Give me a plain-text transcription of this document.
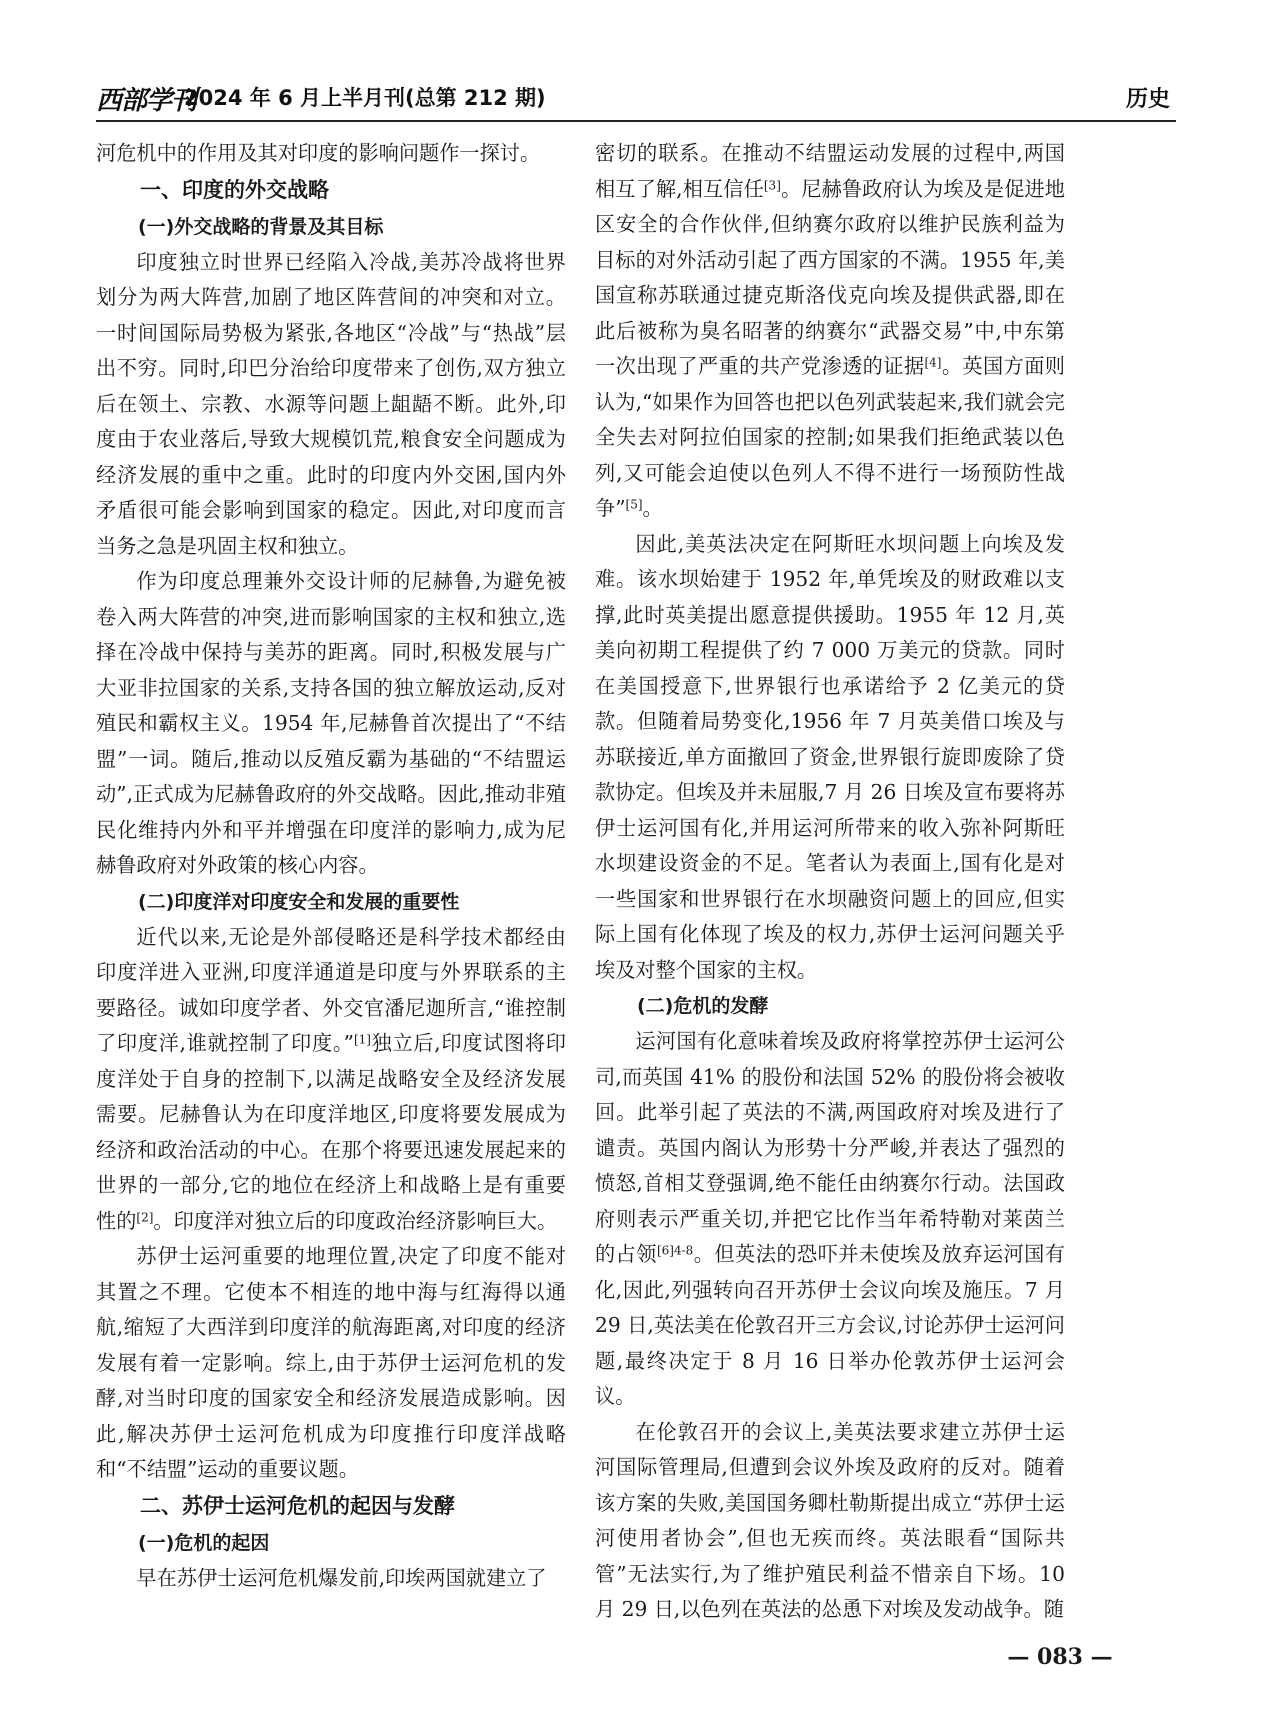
西部学刊
2024 年 6 月上半月刊(总第 212 期)	历史

河危机中的作用及其对印度的影响问题作一探讨。

一、印度的外交战略
(一)外交战略的背景及其目标

印度独立时世界已经陷入冷战,美苏冷战将世界划分为两大阵营,加剧了地区阵营间的冲突和对立。一时间国际局势极为紧张,各地区“冷战”与“热战”层出不穷。同时,印巴分治给印度带来了创伤,双方独立后在领土、宗教、水源等问题上龃龉不断。此外,印度由于农业落后,导致大规模饥荒,粮食安全问题成为经济发展的重中之重。此时的印度内外交困,国内外矛盾很可能会影响到国家的稳定。因此,对印度而言当务之急是巩固主权和独立。

作为印度总理兼外交设计师的尼赫鲁,为避免被卷入两大阵营的冲突,进而影响国家的主权和独立,选择在冷战中保持与美苏的距离。同时,积极发展与广大亚非拉国家的关系,支持各国的独立解放运动,反对殖民和霸权主义。1954 年,尼赫鲁首次提出了“不结盟”一词。随后,推动以反殖反霸为基础的“不结盟运动”,正式成为尼赫鲁政府的外交战略。因此,推动非殖民化维持内外和平并增强在印度洋的影响力,成为尼赫鲁政府对外政策的核心内容。

(二)印度洋对印度安全和发展的重要性

近代以来,无论是外部侵略还是科学技术都经由印度洋进入亚洲,印度洋通道是印度与外界联系的主要路径。诚如印度学者、外交官潘尼迦所言,“谁控制了印度洋,谁就控制了印度。”[1]独立后,印度试图将印度洋处于自身的控制下,以满足战略安全及经济发展需要。尼赫鲁认为在印度洋地区,印度将要发展成为经济和政治活动的中心。在那个将要迅速发展起来的世界的一部分,它的地位在经济上和战略上是有重要性的[2]。印度洋对独立后的印度政治经济影响巨大。

苏伊士运河重要的地理位置,决定了印度不能对其置之不理。它使本不相连的地中海与红海得以通航,缩短了大西洋到印度洋的航海距离,对印度的经济发展有着一定影响。综上,由于苏伊士运河危机的发酵,对当时印度的国家安全和经济发展造成影响。因此,解决苏伊士运河危机成为印度推行印度洋战略和“不结盟”运动的重要议题。

二、苏伊士运河危机的起因与发酵
(一)危机的起因

早在苏伊士运河危机爆发前,印埃两国就建立了

密切的联系。在推动不结盟运动发展的过程中,两国相互了解,相互信任[3]。尼赫鲁政府认为埃及是促进地区安全的合作伙伴,但纳赛尔政府以维护民族利益为目标的对外活动引起了西方国家的不满。1955 年,美国宣称苏联通过捷克斯洛伐克向埃及提供武器,即在此后被称为臭名昭著的纳赛尔“武器交易”中,中东第一次出现了严重的共产党渗透的证据[4]。英国方面则认为,“如果作为回答也把以色列武装起来,我们就会完全失去对阿拉伯国家的控制;如果我们拒绝武装以色列,又可能会迫使以色列人不得不进行一场预防性战争”[5]。

因此,美英法决定在阿斯旺水坝问题上向埃及发难。该水坝始建于 1952 年,单凭埃及的财政难以支撑,此时英美提出愿意提供援助。1955 年 12 月,英美向初期工程提供了约 7 000 万美元的贷款。同时在美国授意下,世界银行也承诺给予 2 亿美元的贷款。但随着局势变化,1956 年 7 月英美借口埃及与苏联接近,单方面撤回了资金,世界银行旋即废除了贷款协定。但埃及并未屈服,7 月 26 日埃及宣布要将苏伊士运河国有化,并用运河所带来的收入弥补阿斯旺水坝建设资金的不足。笔者认为表面上,国有化是对一些国家和世界银行在水坝融资问题上的回应,但实际上国有化体现了埃及的权力,苏伊士运河问题关乎埃及对整个国家的主权。

(二)危机的发酵

运河国有化意味着埃及政府将掌控苏伊士运河公司,而英国 41% 的股份和法国 52% 的股份将会被收回。此举引起了英法的不满,两国政府对埃及进行了谴责。英国内阁认为形势十分严峻,并表达了强烈的愤怒,首相艾登强调,绝不能任由纳赛尔行动。法国政府则表示严重关切,并把它比作当年希特勒对莱茵兰的占领$^{[6]4-8}$。但英法的恐吓并未使埃及放弃运河国有化,因此,列强转向召开苏伊士会议向埃及施压。7 月 29 日,英法美在伦敦召开三方会议,讨论苏伊士运河问题,最终决定于 8 月 16 日举办伦敦苏伊士运河会议。

在伦敦召开的会议上,美英法要求建立苏伊士运河国际管理局,但遭到会议外埃及政府的反对。随着该方案的失败,美国国务卿杜勒斯提出成立“苏伊士运河使用者协会”,但也无疾而终。英法眼看“国际共管”无法实行,为了维护殖民利益不惜亲自下场。10 月 29 日,以色列在英法的怂恿下对埃及发动战争。随

— 083 —
